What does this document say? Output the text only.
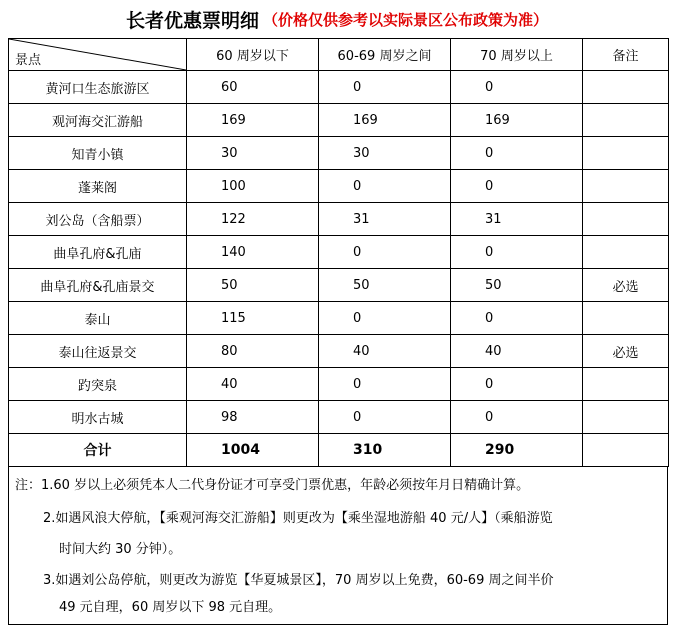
长者优惠票明细 （价格仅供参考以实际景区公布政策为准）
景点	60 周岁以下	60-69 周岁之间	70 周岁以上	备注
黄河口生态旅游区	60	0	0	
观河海交汇游船	169	169	169	
知青小镇	30	30	0	
蓬莱阁	100	0	0	
刘公岛（含船票）	122	31	31	
曲阜孔府&孔庙	140	0	0	
曲阜孔府&孔庙景交	50	50	50	必选
泰山	115	0	0	
泰山往返景交	80	40	40	必选
趵突泉	40	0	0	
明水古城	98	0	0	
合计	1004	310	290	
注：1.60 岁以上必须凭本人二代身份证才可享受门票优惠，年龄必须按年月日精确计算。
2.如遇风浪大停航，【乘观河海交汇游船】则更改为【乘坐湿地游船 40 元/人】（乘船游览
时间大约 30 分钟）。
3.如遇刘公岛停航，则更改为游览【华夏城景区】，70 周岁以上免费，60-69 周之间半价
49 元自理，60 周岁以下 98 元自理。
